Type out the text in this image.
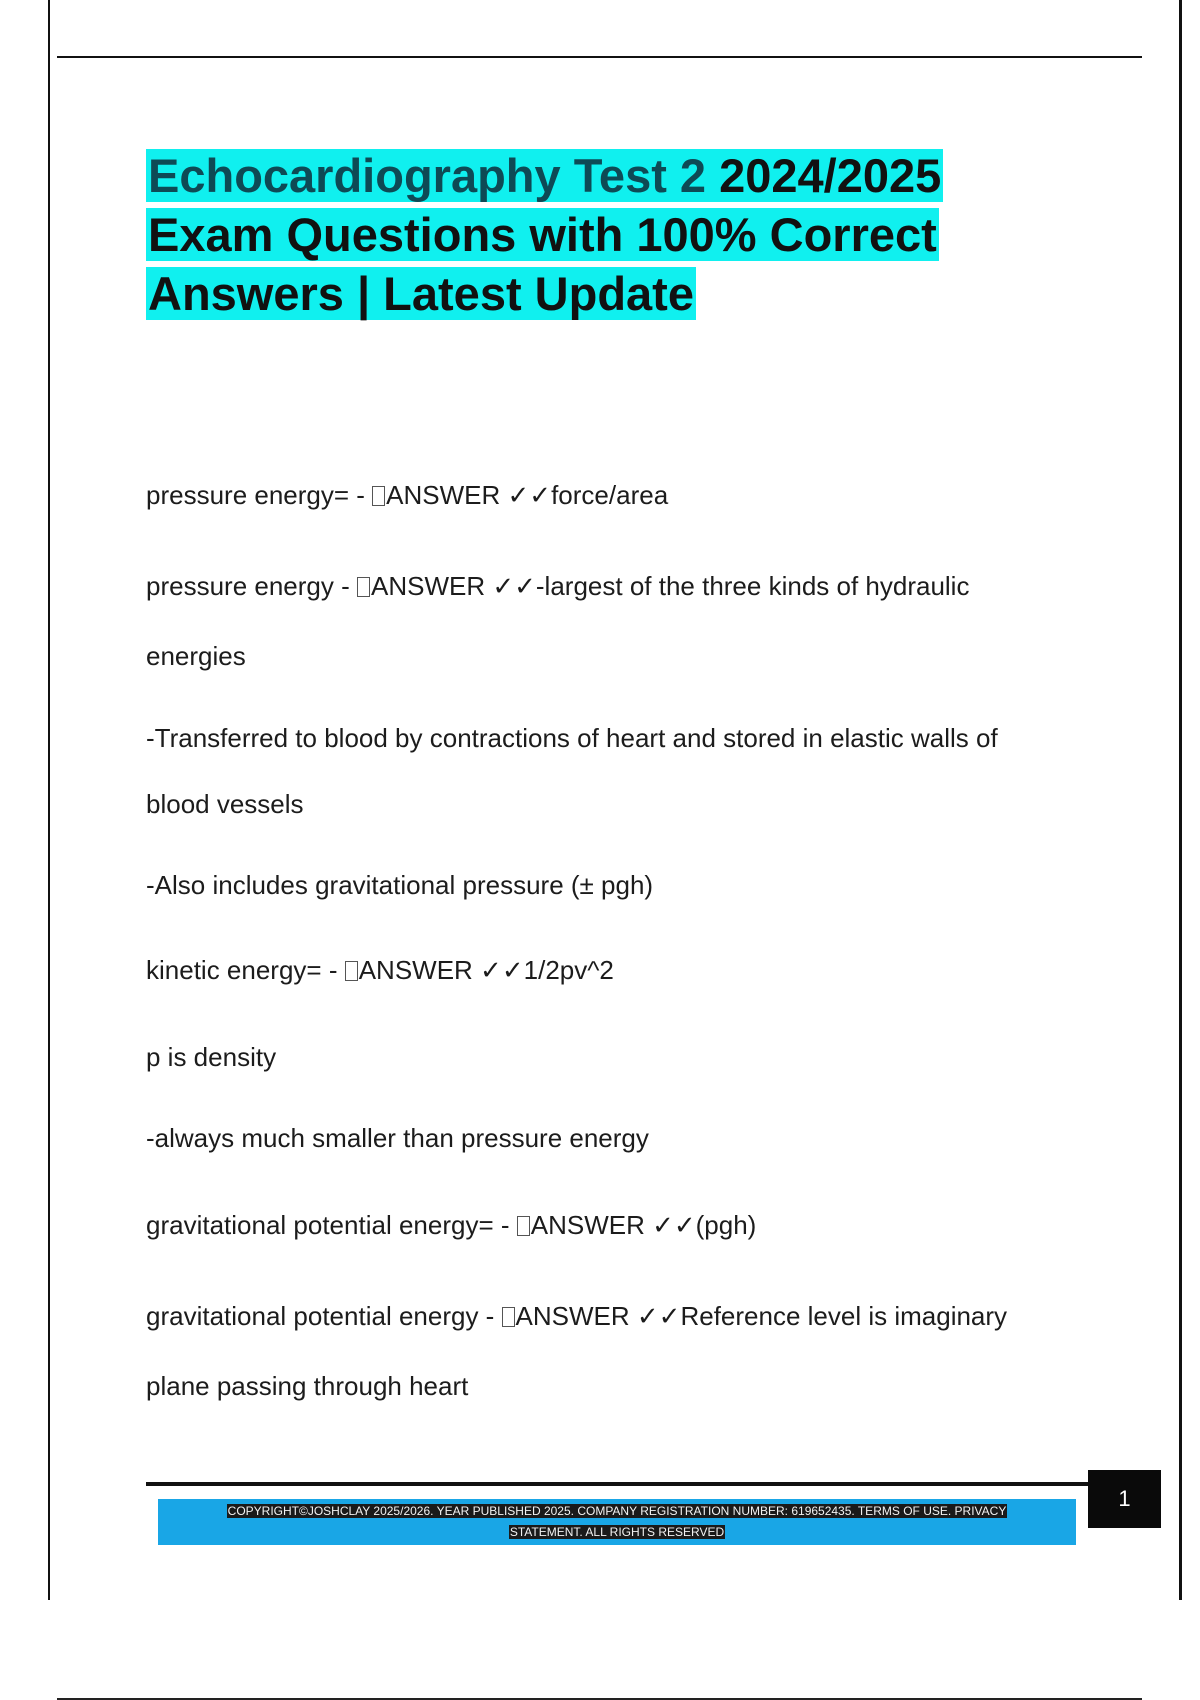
Echocardiography Test 2 2024/2025
Exam Questions with 100% Correct
Answers | Latest Update
pressure energy= - ANSWER ✓✓force/area
pressure energy - ANSWER ✓✓-largest of the three kinds of hydraulic
energies
-Transferred to blood by contractions of heart and stored in elastic walls of
blood vessels
-Also includes gravitational pressure (± pgh)
kinetic energy= - ANSWER ✓✓1/2pv^2
p is density
-always much smaller than pressure energy
gravitational potential energy= - ANSWER ✓✓(pgh)
gravitational potential energy - ANSWER ✓✓Reference level is imaginary
plane passing through heart
1
COPYRIGHT©JOSHCLAY 2025/2026. YEAR PUBLISHED 2025. COMPANY REGISTRATION NUMBER: 619652435. TERMS OF USE. PRIVACY
STATEMENT. ALL RIGHTS RESERVED
